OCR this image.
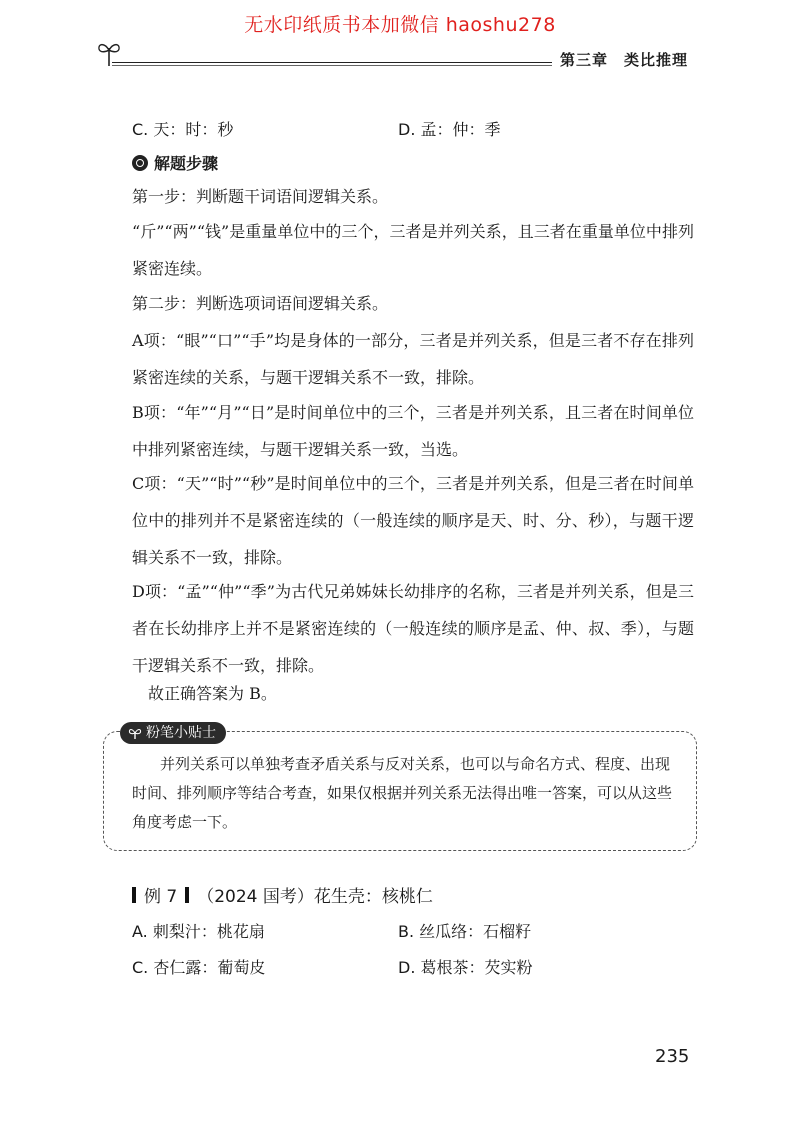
无水印纸质书本加微信 haoshu278
第三章　类比推理
C. 天：时：秒	D. 孟：仲：季
解题步骤
第一步：判断题干词语间逻辑关系。
“斤”“两”“钱”是重量单位中的三个，三者是并列关系，且三者在重量单位中排列紧密连续。
第二步：判断选项词语间逻辑关系。
A项：“眼”“口”“手”均是身体的一部分，三者是并列关系，但是三者不存在排列紧密连续的关系，与题干逻辑关系不一致，排除。
B项：“年”“月”“日”是时间单位中的三个，三者是并列关系，且三者在时间单位中排列紧密连续，与题干逻辑关系一致，当选。
C项：“天”“时”“秒”是时间单位中的三个，三者是并列关系，但是三者在时间单位中的排列并不是紧密连续的（一般连续的顺序是天、时、分、秒），与题干逻辑关系不一致，排除。
D项：“孟”“仲”“季”为古代兄弟姊妹长幼排序的名称，三者是并列关系，但是三者在长幼排序上并不是紧密连续的（一般连续的顺序是孟、仲、叔、季），与题干逻辑关系不一致，排除。
故正确答案为 B。
粉笔小贴士
并列关系可以单独考查矛盾关系与反对关系，也可以与命名方式、程度、出现时间、排列顺序等结合考查，如果仅根据并列关系无法得出唯一答案，可以从这些角度考虑一下。
例 7 （2024 国考）花生壳：核桃仁
A. 刺梨汁：桃花扇	B. 丝瓜络：石榴籽
C. 杏仁露：葡萄皮	D. 葛根茶：芡实粉
235
